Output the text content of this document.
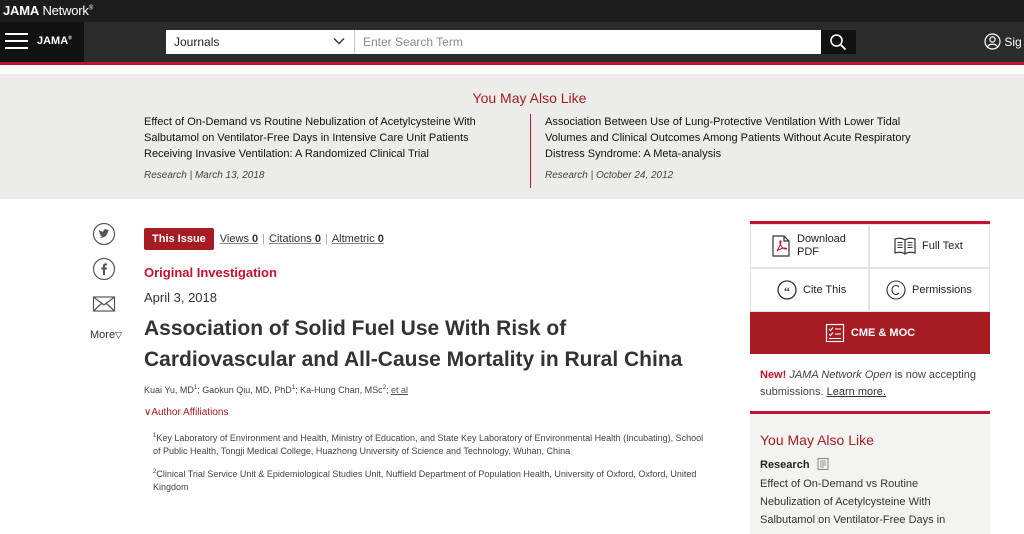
JAMA Network®
JAMA®	Journals
Enter Search Term	Sig
You May Also Like
Effect of On-Demand vs Routine Nebulization of Acetylcysteine With Salbutamol on Ventilator-Free Days in Intensive Care Unit Patients Receiving Invasive Ventilation: A Randomized Clinical Trial
Research | March 13, 2018
Association Between Use of Lung-Protective Ventilation With Lower Tidal Volumes and Clinical Outcomes Among Patients Without Acute Respiratory Distress Syndrome: A Meta-analysis
Research | October 24, 2012

More▽
This Issue	Views 0 | Citations 0 | Altmetric 0
Original Investigation
April 3, 2018
Association of Solid Fuel Use With Risk of Cardiovascular and All-Cause Mortality in Rural China
Kuai Yu, $MD^1$; Gaokun Qiu, MD, PhD$^1$; Ka-Hung Chan, MSc$^2$; et al
∨Author Affiliations

$^1$Key Laboratory of Environment and Health, Ministry of Education, and State Key Laboratory of Environmental Health (Incubating), School of Public Health, Tongji Medical College, Huazhong University of Science and Technology, Wuhan, China

$^2$Clinical Trial Service Unit & Epidemiological Studies Unit, Nuffield Department of Population Health, University of Oxford, Oxford, United Kingdom

Download PDF	Full Text
“ Cite This	Permissions
CME & MOC
New! JAMA Network Open is now accepting submissions. Learn more.
You May Also Like
Research
Effect of On-Demand vs Routine Nebulization of Acetylcysteine With Salbutamol on Ventilator-Free Days in
